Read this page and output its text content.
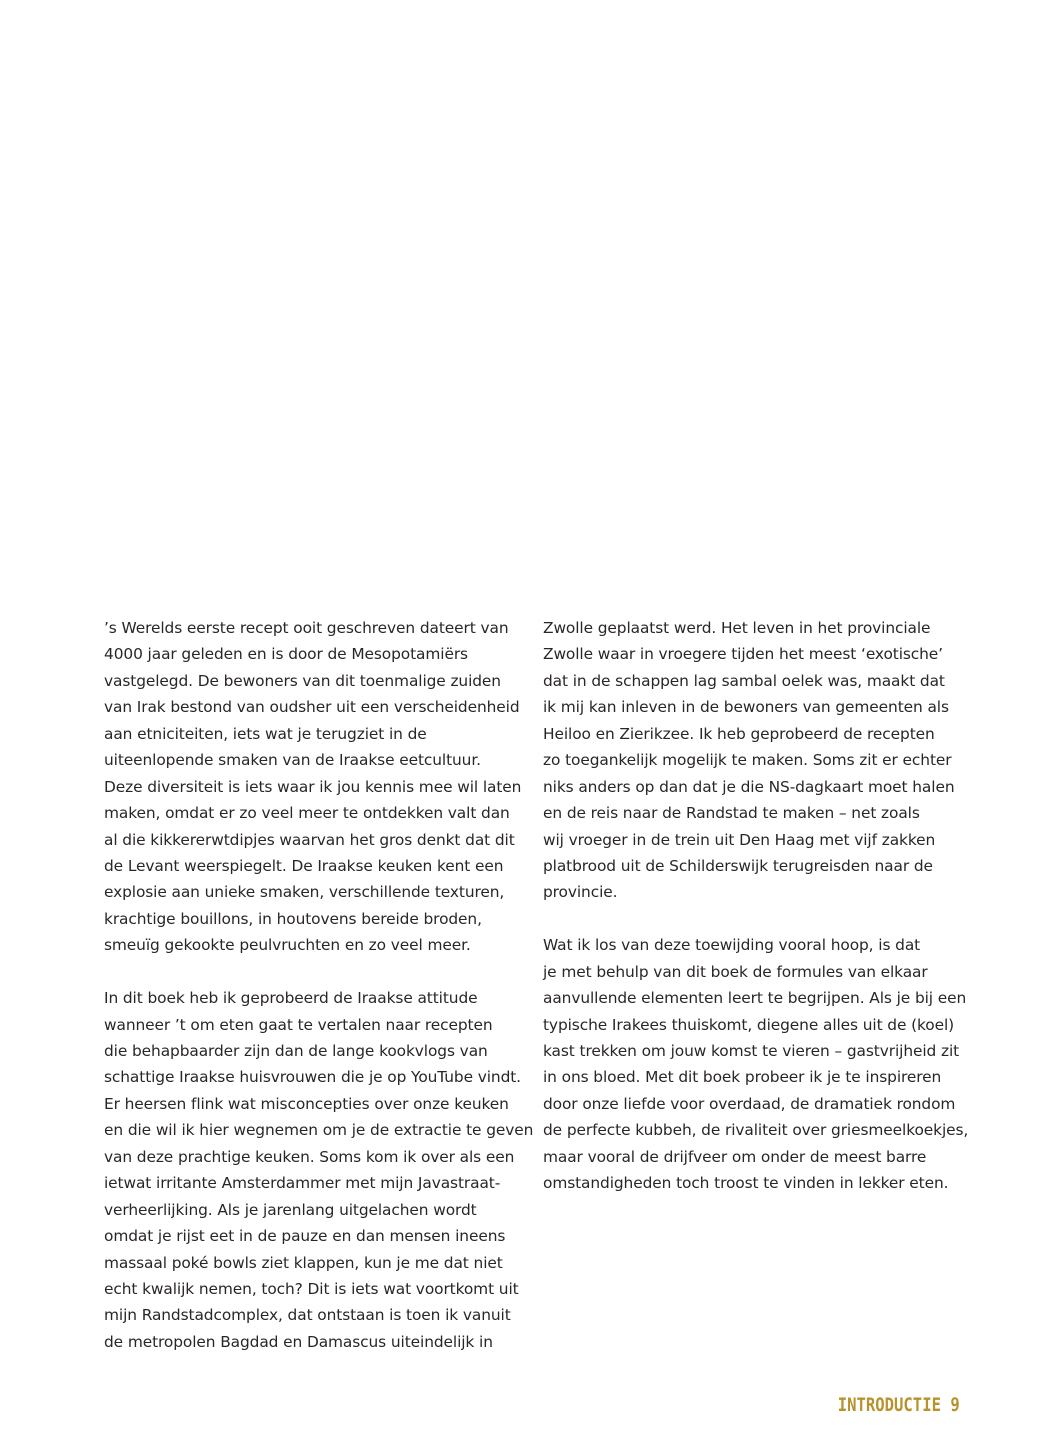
’s Werelds eerste recept ooit geschreven dateert van
4000 jaar geleden en is door de Mesopotamiërs
vastgelegd. De bewoners van dit toenmalige zuiden
van Irak bestond van oudsher uit een verscheidenheid
aan etniciteiten, iets wat je terugziet in de
uiteenlopende smaken van de Iraakse eetcultuur.
Deze diversiteit is iets waar ik jou kennis mee wil laten
maken, omdat er zo veel meer te ontdekken valt dan
al die kikkererwtdipjes waarvan het gros denkt dat dit
de Levant weerspiegelt. De Iraakse keuken kent een
explosie aan unieke smaken, verschillende texturen,
krachtige bouillons, in houtovens bereide broden,
smeuïg gekookte peulvruchten en zo veel meer.
In dit boek heb ik geprobeerd de Iraakse attitude
wanneer ’t om eten gaat te vertalen naar recepten
die behapbaarder zijn dan de lange kookvlogs van
schattige Iraakse huisvrouwen die je op YouTube vindt.
Er heersen flink wat misconcepties over onze keuken
en die wil ik hier wegnemen om je de extractie te geven
van deze prachtige keuken. Soms kom ik over als een
ietwat irritante Amsterdammer met mijn Javastraat-
verheerlijking. Als je jarenlang uitgelachen wordt
omdat je rijst eet in de pauze en dan mensen ineens
massaal poké bowls ziet klappen, kun je me dat niet
echt kwalijk nemen, toch? Dit is iets wat voortkomt uit
mijn Randstadcomplex, dat ontstaan is toen ik vanuit
de metropolen Bagdad en Damascus uiteindelijk in
Zwolle geplaatst werd. Het leven in het provinciale
Zwolle waar in vroegere tijden het meest ‘exotische’
dat in de schappen lag sambal oelek was, maakt dat
ik mij kan inleven in de bewoners van gemeenten als
Heiloo en Zierikzee. Ik heb geprobeerd de recepten
zo toegankelijk mogelijk te maken. Soms zit er echter
niks anders op dan dat je die NS-dagkaart moet halen
en de reis naar de Randstad te maken – net zoals
wij vroeger in de trein uit Den Haag met vijf zakken
platbrood uit de Schilderswijk terugreisden naar de
provincie.
Wat ik los van deze toewijding vooral hoop, is dat
je met behulp van dit boek de formules van elkaar
aanvullende elementen leert te begrijpen. Als je bij een
typische Irakees thuiskomt, diegene alles uit de (koel)
kast trekken om jouw komst te vieren – gastvrijheid zit
in ons bloed. Met dit boek probeer ik je te inspireren
door onze liefde voor overdaad, de dramatiek rondom
de perfecte kubbeh, de rivaliteit over griesmeelkoekjes,
maar vooral de drijfveer om onder de meest barre
omstandigheden toch troost te vinden in lekker eten.
INTRODUCTIE 9
